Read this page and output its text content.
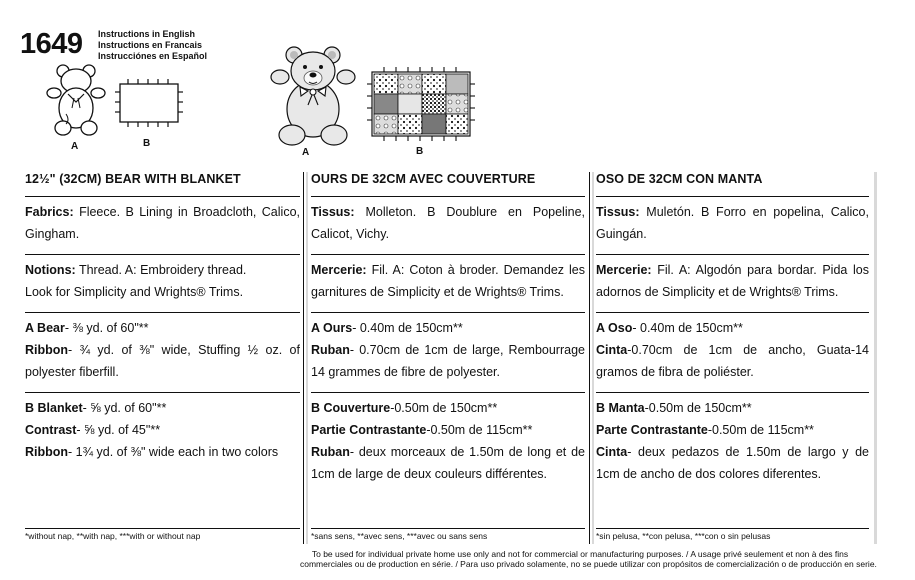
1649 Instructions in English
Instructions en Francais
Instrucciónes en Español
A	B
A	B
12½" (32CM) BEAR WITH BLANKET

Fabrics: Fleece. B Lining in Broadcloth, Calico, Gingham.

Notions: Thread. A: Embroidery thread.

Look for Simplicity and Wrights® Trims.

A Bear- ⅜ yd. of 60"**

Ribbon- ¾ yd. of ⅜" wide, Stuffing ½ oz. of polyester fiberfill.

B Blanket- ⅝ yd. of 60"**

Contrast- ⅝ yd. of 45"**

Ribbon- 1¾ yd. of ⅜" wide each in two colors

*without nap, **with nap, ***with or without nap
OURS DE 32CM AVEC COUVERTURE

Tissus: Molleton. B Doublure en Popeline, Calicot, Vichy.

Mercerie: Fil. A: Coton à broder. Demandez les garnitures de Simplicity et de Wrights® Trims.

A Ours- 0.40m de 150cm**

Ruban- 0.70cm de 1cm de large, Rembourrage 14 grammes de fibre de polyester.

B Couverture-0.50m de 150cm**

Partie Contrastante-0.50m de 115cm**

Ruban- deux morceaux de 1.50m de long et de 1cm de large de deux couleurs différentes.

*sans sens, **avec sens, ***avec ou sans sens
OSO DE 32CM CON MANTA

Tissus: Muletón. B Forro en popelina, Calico, Guingán.

Mercerie: Fil. A: Algodón para bordar. Pida los adornos de Simplicity et de Wrights® Trims.

A Oso- 0.40m de 150cm**

Cinta-0.70cm de 1cm de ancho, Guata-14 gramos de fibra de poliéster.

B Manta-0.50m de 150cm**

Parte Contrastante-0.50m de 115cm**

Cinta- deux pedazos de 1.50m de largo y de 1cm de ancho de dos colores diferentes.

*sin pelusa, **con pelusa, ***con o sin pelusas
To be used for individual private home use only and not for commercial or manufacturing purposes. / A usage privé seulement et non à des fins
commerciales ou de production en série. / Para uso privado solamente, no se puede utilizar con propósitos de comercialización o de producción en serie.
